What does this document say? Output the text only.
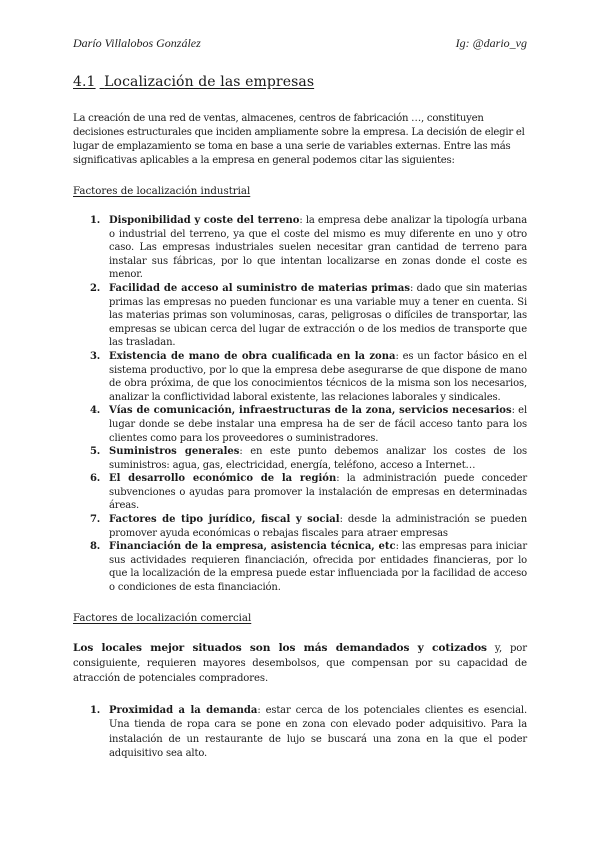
Darío Villalobos González	Ig: @dario_vg
4.1 Localización de las empresas

La creación de una red de ventas, almacenes, centros de fabricación …, constituyen decisiones estructurales que inciden ampliamente sobre la empresa. La decisión de elegir el lugar de emplazamiento se toma en base a una serie de variables externas. Entre las más significativas aplicables a la empresa en general podemos citar las siguientes:

Factores de localización industrial

1. Disponibilidad y coste del terreno: la empresa debe analizar la tipología urbana o industrial del terreno, ya que el coste del mismo es muy diferente en uno y otro caso. Las empresas industriales suelen necesitar gran cantidad de terreno para instalar sus fábricas, por lo que intentan localizarse en zonas donde el coste es menor.
2. Facilidad de acceso al suministro de materias primas: dado que sin materias primas las empresas no pueden funcionar es una variable muy a tener en cuenta. Si las materias primas son voluminosas, caras, peligrosas o difíciles de transportar, las empresas se ubican cerca del lugar de extracción o de los medios de transporte que las trasladan.
3. Existencia de mano de obra cualificada en la zona: es un factor básico en el sistema productivo, por lo que la empresa debe asegurarse de que dispone de mano de obra próxima, de que los conocimientos técnicos de la misma son los necesarios, analizar la conflictividad laboral existente, las relaciones laborales y sindicales.
4. Vías de comunicación, infraestructuras de la zona, servicios necesarios: el lugar donde se debe instalar una empresa ha de ser de fácil acceso tanto para los clientes como para los proveedores o suministradores.
5. Suministros generales: en este punto debemos analizar los costes de los suministros: agua, gas, electricidad, energía, teléfono, acceso a Internet…
6. El desarrollo económico de la región: la administración puede conceder subvenciones o ayudas para promover la instalación de empresas en determinadas áreas.
7. Factores de tipo jurídico, fiscal y social: desde la administración se pueden promover ayuda económicas o rebajas fiscales para atraer empresas
8. Financiación de la empresa, asistencia técnica, etc: las empresas para iniciar sus actividades requieren financiación, ofrecida por entidades financieras, por lo que la localización de la empresa puede estar influenciada por la facilidad de acceso o condiciones de esta financiación.

Factores de localización comercial

Los locales mejor situados son los más demandados y cotizados y, por consiguiente, requieren mayores desembolsos, que compensan por su capacidad de atracción de potenciales compradores.

1. Proximidad a la demanda: estar cerca de los potenciales clientes es esencial. Una tienda de ropa cara se pone en zona con elevado poder adquisitivo. Para la instalación de un restaurante de lujo se buscará una zona en la que el poder adquisitivo sea alto.
